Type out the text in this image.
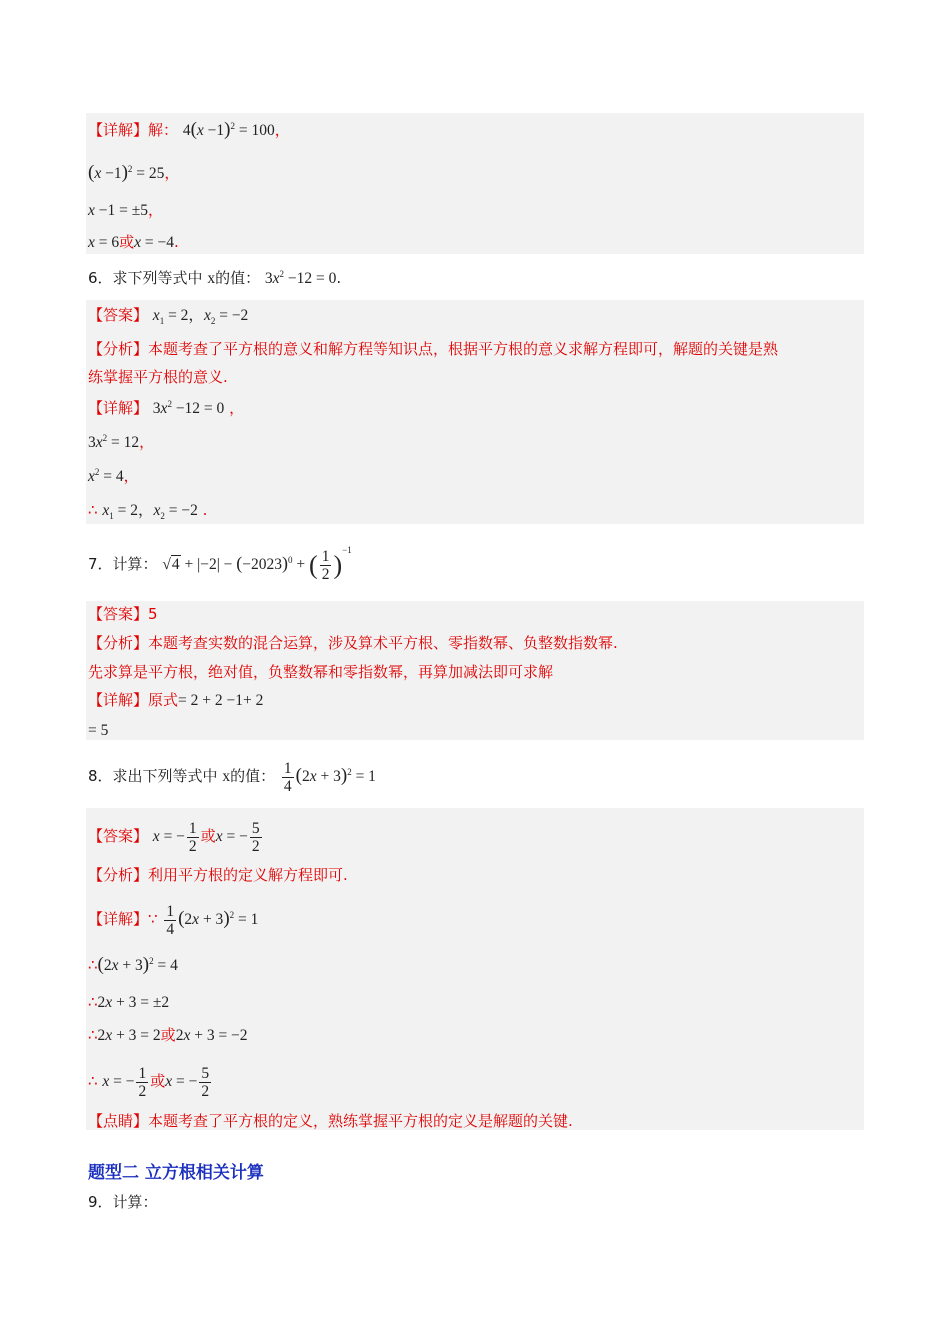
【详解】解： $4(x -1)^2 = 100$，
$(x -1)^2 = 25$，
x −1 = ±5，
x = 6或x = −4.
6．求下列等式中 x的值： $3x^2 -12 = 0$.
【答案】 $x_1 = 2$，$x_2 = -2$
【分析】本题考查了平方根的意义和解方程等知识点，根据平方根的意义求解方程即可，解题的关键是熟
练掌握平方根的意义.
【详解】 $3x^2 -12 = 0$ ，
$3x^2 = 12$，
$x^2 = 4$，
∴ $x_1 = 2$，$x_2 = -2$ .
7．计算： $√4 + |-2| - (-2023)^0$ + ( $\frac{1}{2} )^{-1}$
【答案】5
【分析】本题考查实数的混合运算，涉及算术平方根、零指数幂、负整数指数幂.
先求算是平方根，绝对值，负整数幂和零指数幂，再算加减法即可求解
【详解】原式= 2 + 2 −1+ 2
= 5
8．求出下列等式中 x的值： $\frac{1}{4} (2x + 3)^2 = 1$
【答案】 x = − $\frac{1}{2}$ 或x = − $\frac{5}{2}$
【分析】利用平方根的定义解方程即可.
【详解】∵ $\frac{1}{4} (2x + 3)^2 = 1$
∴(2x + 3)$^2$ = 4
∴2x + 3 = ±2
∴2x + 3 = 2或2x + 3 = −2
∴ x = − $\frac{1}{2}$ 或x = − $\frac{5}{2}$
【点睛】本题考查了平方根的定义，熟练掌握平方根的定义是解题的关键.
题型二 立方根相关计算
9．计算：
